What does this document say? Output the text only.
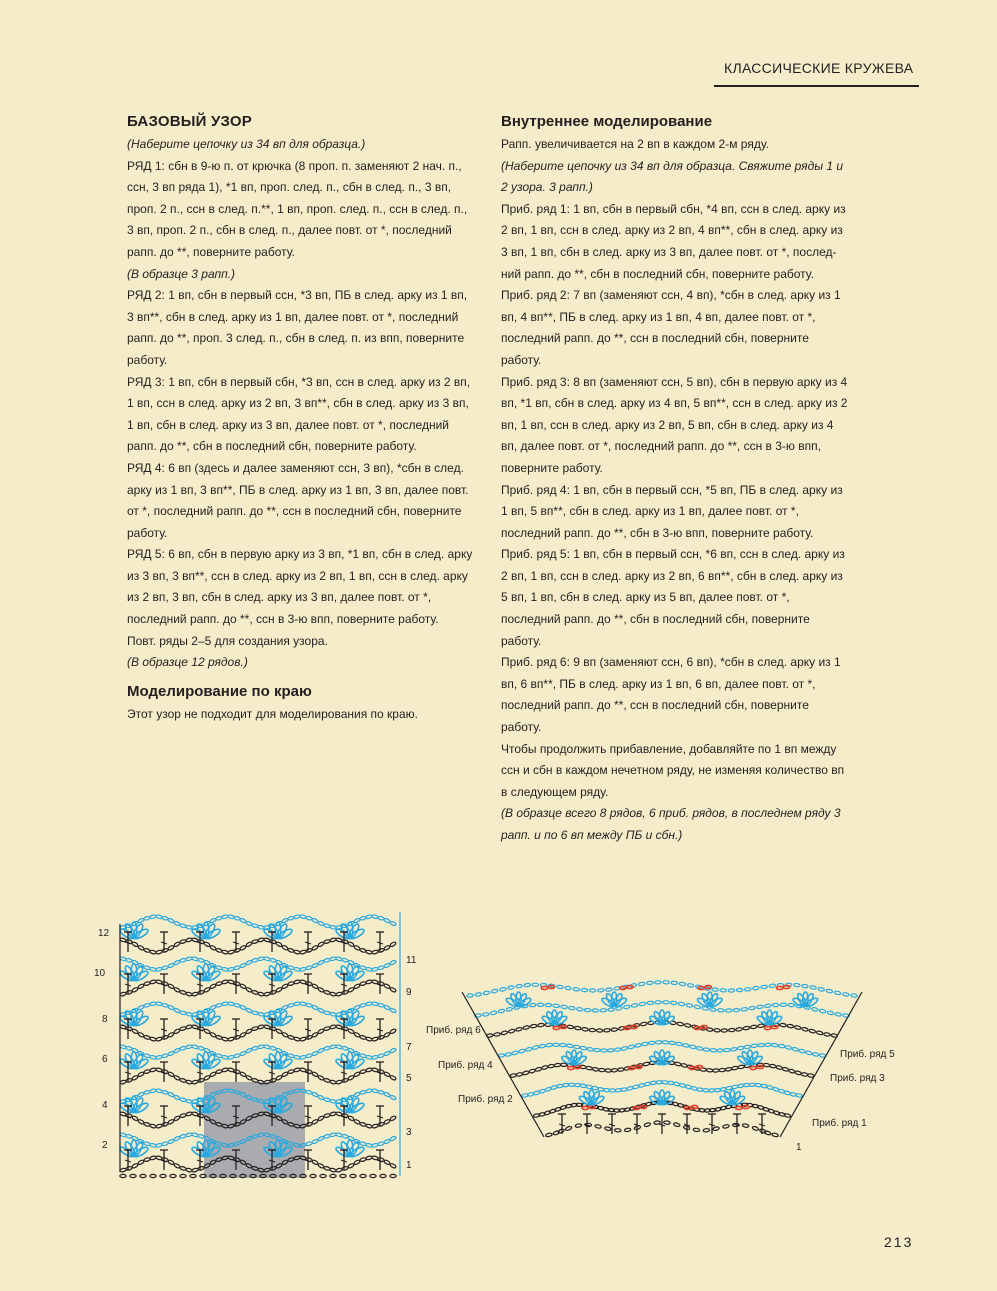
КЛАССИЧЕСКИЕ КРУЖЕВА
БАЗОВЫЙ УЗОР
(Наберите цепочку из 34 вп для образца.)
РЯД 1: сбн в 9-ю п. от крючка (8 проп. п. заменяют 2 нач. п., ссн, 3 вп ряда 1), *1 вп, проп. след. п., сбн в след. п., 3 вп, проп. 2 п., ссн в след. п.**, 1 вп, проп. след. п., ссн в след. п., 3 вп, проп. 2 п., сбн в след. п., далее повт. от *, последний рапп. до **, поверните работу.
(В образце 3 рапп.)
РЯД 2: 1 вп, сбн в первый ссн, *3 вп, ПБ в след. арку из 1 вп, 3 вп**, сбн в след. арку из 1 вп, далее повт. от *, последний рапп. до **, проп. 3 след. п., сбн в след. п. из впп, поверните работу.
РЯД 3: 1 вп, сбн в первый сбн, *3 вп, ссн в след. арку из 2 вп, 1 вп, ссн в след. арку из 2 вп, 3 вп**, сбн в след. арку из 3 вп, 1 вп, сбн в след. арку из 3 вп, далее повт. от *, последний рапп. до **, сбн в последний сбн, поверните работу.
РЯД 4: 6 вп (здесь и далее заменяют ссн, 3 вп), *сбн в след. арку из 1 вп, 3 вп**, ПБ в след. арку из 1 вп, 3 вп, далее повт. от *, последний рапп. до **, ссн в последний сбн, поверните работу.
РЯД 5: 6 вп, сбн в первую арку из 3 вп, *1 вп, сбн в след. арку из 3 вп, 3 вп**, ссн в след. арку из 2 вп, 1 вп, ссн в след. арку из 2 вп, 3 вп, сбн в след. арку из 3 вп, далее повт. от *, последний рапп. до **, ссн в 3-ю впп, поверните работу.
Повт. ряды 2–5 для создания узора.
(В образце 12 рядов.)
Моделирование по краю
Этот узор не подходит для моделирования по краю.
Внутреннее моделирование
Рапп. увеличивается на 2 вп в каждом 2-м ряду.
(Наберите цепочку из 34 вп для образца. Свяжите ряды 1 и 2 узора. 3 рапп.)
Приб. ряд 1: 1 вп, сбн в первый сбн, *4 вп, ссн в след. арку из 2 вп, 1 вп, ссн в след. арку из 2 вп, 4 вп**, сбн в след. арку из 3 вп, 1 вп, сбн в след. арку из 3 вп, далее повт. от *, послед-ний рапп. до **, сбн в последний сбн, поверните работу.
Приб. ряд 2: 7 вп (заменяют ссн, 4 вп), *сбн в след. арку из 1 вп, 4 вп**, ПБ в след. арку из 1 вп, 4 вп, далее повт. от *, последний рапп. до **, ссн в последний сбн, поверните работу.
Приб. ряд 3: 8 вп (заменяют ссн, 5 вп), сбн в первую арку из 4 вп, *1 вп, сбн в след. арку из 4 вп, 5 вп**, ссн в след. арку из 2 вп, 1 вп, ссн в след. арку из 2 вп, 5 вп, сбн в след. арку из 4 вп, далее повт. от *, последний рапп. до **, ссн в 3-ю впп, поверните работу.
Приб. ряд 4: 1 вп, сбн в первый ссн, *5 вп, ПБ в след. арку из 1 вп, 5 вп**, сбн в след. арку из 1 вп, далее повт. от *, последний рапп. до **, сбн в 3-ю впп, поверните работу.
Приб. ряд 5: 1 вп, сбн в первый ссн, *6 вп, ссн в след. арку из 2 вп, 1 вп, ссн в след. арку из 2 вп, 6 вп**, сбн в след. арку из 5 вп, 1 вп, сбн в след. арку из 5 вп, далее повт. от *, последний рапп. до **, сбн в последний сбн, поверните работу.
Приб. ряд 6: 9 вп (заменяют ссн, 6 вп), *сбн в след. арку из 1 вп, 6 вп**, ПБ в след. арку из 1 вп, 6 вп, далее повт. от *, последний рапп. до **, ссн в последний сбн, поверните работу.
Чтобы продолжить прибавление, добавляйте по 1 вп между ссн и сбн в каждом нечетном ряду, не изменяя количество вп в следующем ряду.
(В образце всего 8 рядов, 6 приб. рядов, в последнем ряду 3 рапп. и по 6 вп между ПБ и сбн.)
12
10
8
6
4
2
11
9
7
5
3
1
Приб. ряд 6
Приб. ряд 4
Приб. ряд 2
Приб. ряд 5
Приб. ряд 3
Приб. ряд 1
1
213
